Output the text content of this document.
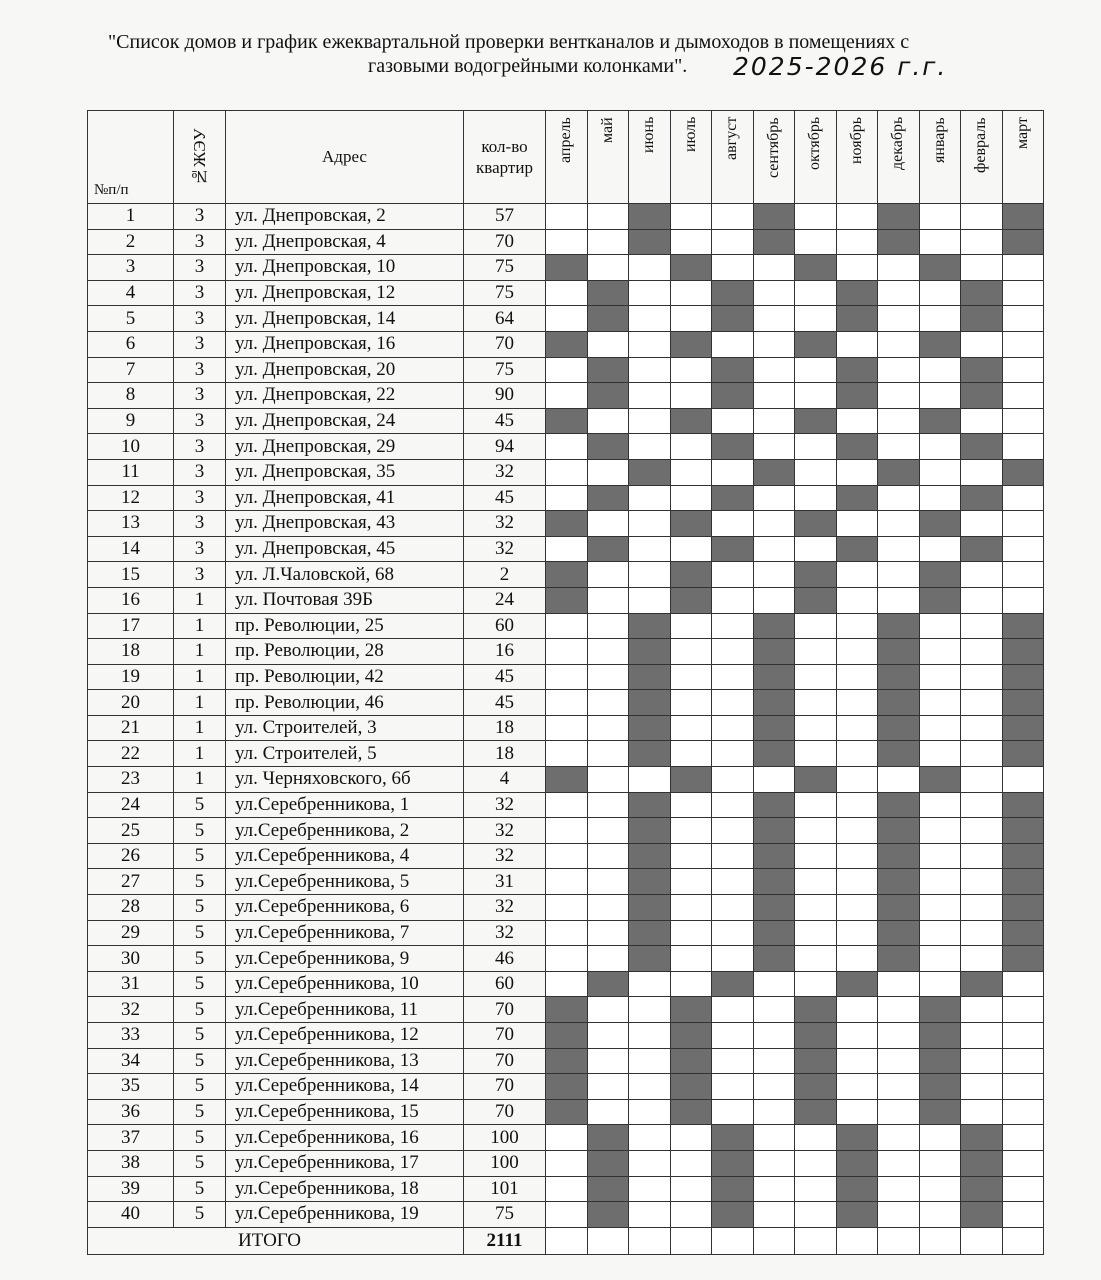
"Список домов и график ежеквартальной проверки вентканалов и дымоходов в помещениях с
газовыми водогрейными колонками". 2025-2026 г.г.
№п/п	№ЖЭУ	Адрес	кол-во квартир	апрель	май	июнь	июль	август	сентябрь	октябрь	ноябрь	декабрь	январь	февраль	март

1	3	ул. Днепровская, 2	57												
2	3	ул. Днепровская, 4	70												
3	3	ул. Днепровская, 10	75												
4	3	ул. Днепровская, 12	75												
5	3	ул. Днепровская, 14	64												
6	3	ул. Днепровская, 16	70												
7	3	ул. Днепровская, 20	75												
8	3	ул. Днепровская, 22	90												
9	3	ул. Днепровская, 24	45												
10	3	ул. Днепровская, 29	94												
11	3	ул. Днепровская, 35	32												
12	3	ул. Днепровская, 41	45												
13	3	ул. Днепровская, 43	32												
14	3	ул. Днепровская, 45	32												
15	3	ул. Л.Чаловской, 68	2												
16	1	ул. Почтовая 39Б	24												
17	1	пр. Революции, 25	60												
18	1	пр. Революции, 28	16												
19	1	пр. Революции, 42	45												
20	1	пр. Революции, 46	45												
21	1	ул. Строителей, 3	18												
22	1	ул. Строителей, 5	18												
23	1	ул. Черняховского, 6б	4												
24	5	ул.Серебренникова, 1	32												
25	5	ул.Серебренникова, 2	32												
26	5	ул.Серебренникова, 4	32												
27	5	ул.Серебренникова, 5	31												
28	5	ул.Серебренникова, 6	32												
29	5	ул.Серебренникова, 7	32												
30	5	ул.Серебренникова, 9	46												
31	5	ул.Серебренникова, 10	60												
32	5	ул.Серебренникова, 11	70												
33	5	ул.Серебренникова, 12	70												
34	5	ул.Серебренникова, 13	70												
35	5	ул.Серебренникова, 14	70												
36	5	ул.Серебренникова, 15	70												
37	5	ул.Серебренникова, 16	100												
38	5	ул.Серебренникова, 17	100												
39	5	ул.Серебренникова, 18	101												
40	5	ул.Серебренникова, 19	75												
ИТОГО			2111												
